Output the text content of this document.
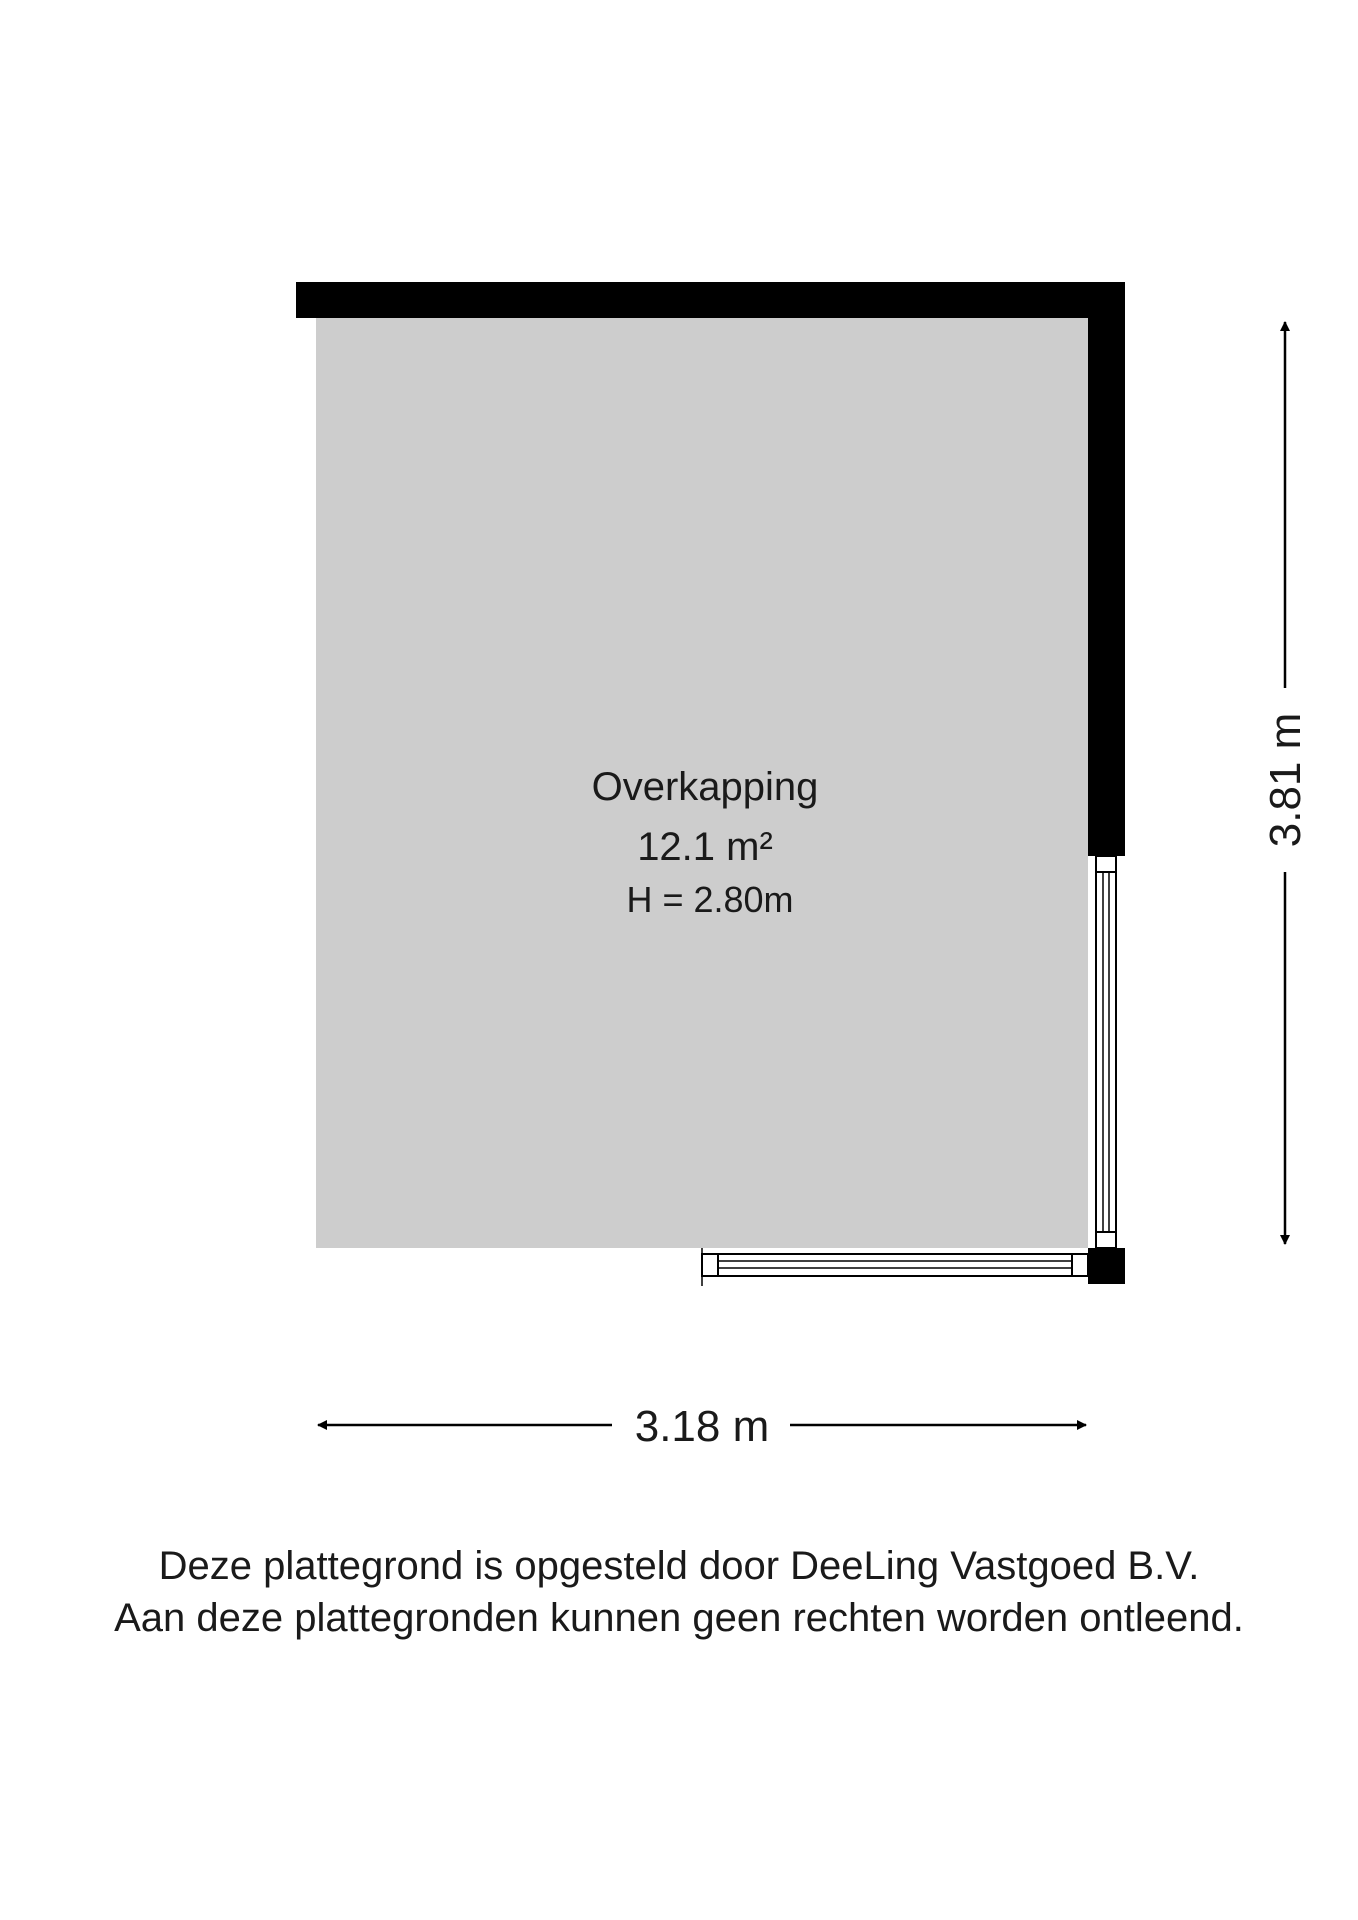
Overkapping
12.1 m²
H = 2.80m
3.81 m
3.18 m
Deze plattegrond is opgesteld door DeeLing Vastgoed B.V.
Aan deze plattegronden kunnen geen rechten worden ontleend.
